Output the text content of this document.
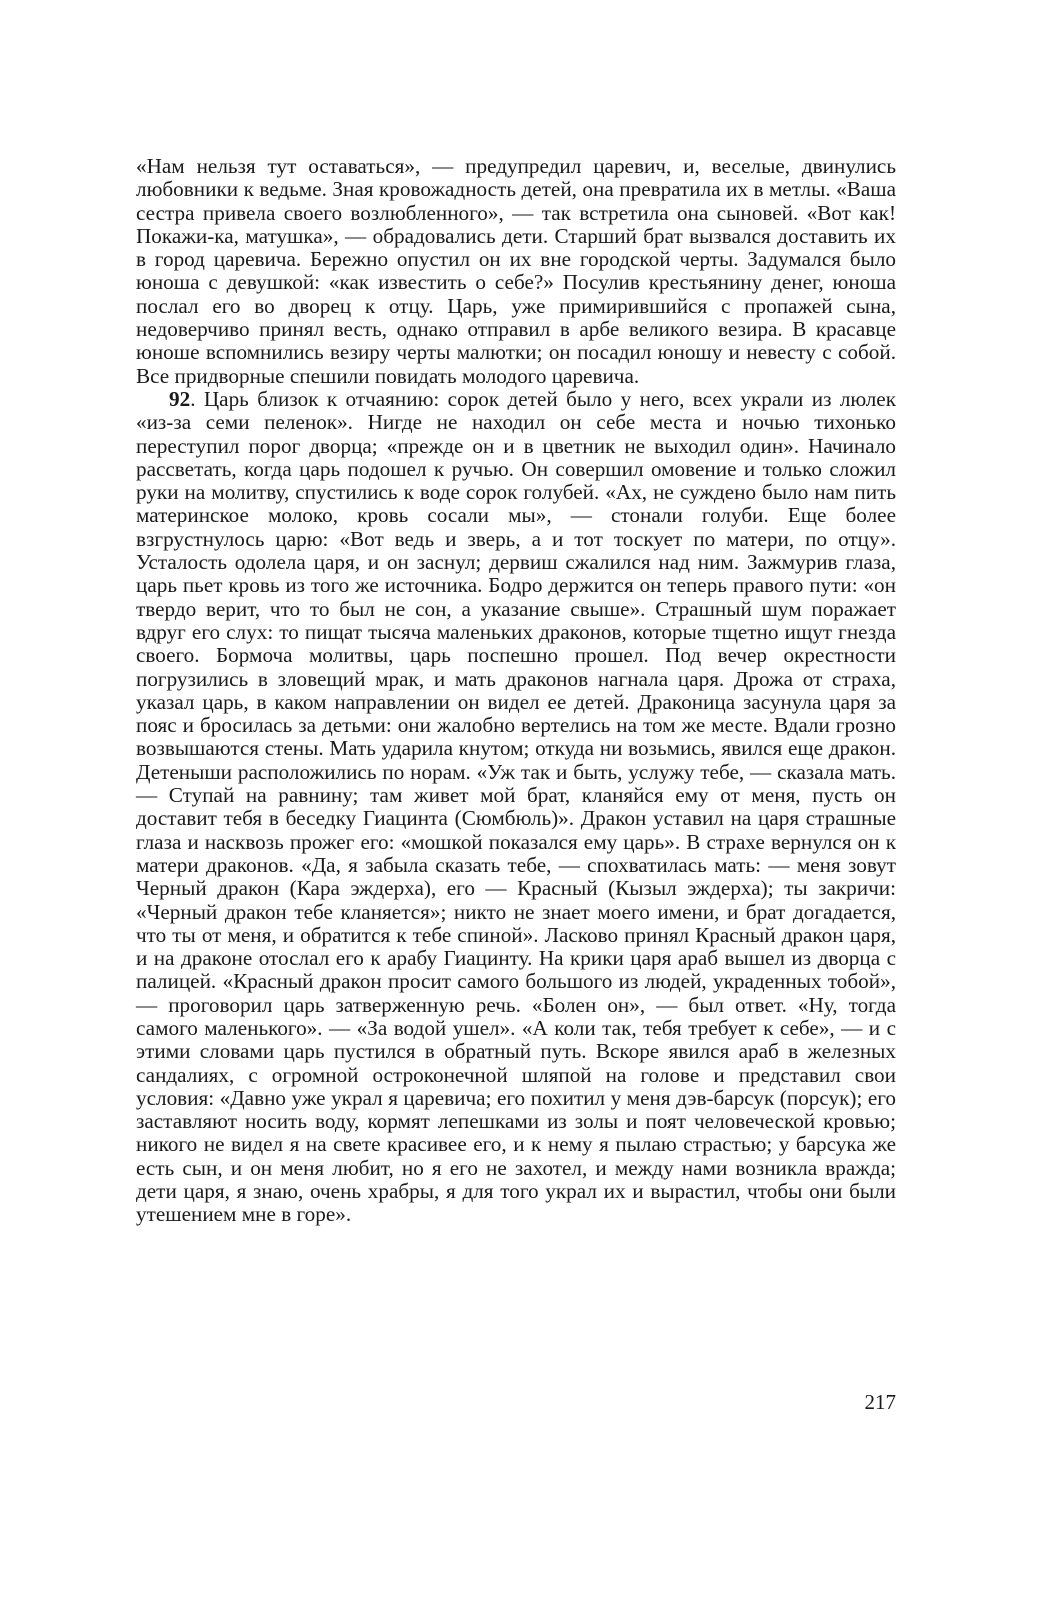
«Нам нельзя тут оставаться», — предупредил царевич, и, веселые, двинулись любовники к ведьме. Зная кровожадность детей, она превратила их в метлы. «Ваша сестра привела своего возлюбленного», — так встретила она сыновей. «Вот как! Покажи-ка, матушка», — обрадовались дети. Старший брат вызвался доставить их в город царевича. Бережно опустил он их вне городской черты. Задумался было юноша с девушкой: «как известить о себе?» Посулив крестьянину денег, юноша послал его во дворец к отцу. Царь, уже примирившийся с пропажей сына, недоверчиво принял весть, однако отправил в арбе великого везира. В красавце юноше вспомнились везиру черты малютки; он посадил юношу и невесту с собой. Все придворные спешили повидать молодого царевича.

92. Царь близок к отчаянию: сорок детей было у него, всех украли из люлек «из-за семи пеленок». Нигде не находил он себе места и ночью тихонько переступил порог дворца; «прежде он и в цветник не выходил один». Начинало рассветать, когда царь подошел к ручью. Он совершил омовение и только сложил руки на молитву, спустились к воде сорок голубей. «Ах, не суждено было нам пить материнское молоко, кровь сосали мы», — стонали голуби. Еще более взгрустнулось царю: «Вот ведь и зверь, а и тот тоскует по матери, по отцу». Усталость одолела царя, и он заснул; дервиш сжалился над ним. Зажмурив глаза, царь пьет кровь из того же источника. Бодро держится он теперь правого пути: «он твердо верит, что то был не сон, а указание свыше». Страшный шум поражает вдруг его слух: то пищат тысяча маленьких драконов, которые тщетно ищут гнезда своего. Бормоча молитвы, царь поспешно прошел. Под вечер окрестности погрузились в зловещий мрак, и мать драконов нагнала царя. Дрожа от страха, указал царь, в каком направлении он видел ее детей. Драконица засунула царя за пояс и бросилась за детьми: они жалобно вертелись на том же месте. Вдали грозно возвышаются стены. Мать ударила кнутом; откуда ни возьмись, явился еще дракон. Детеныши расположились по норам. «Уж так и быть, услужу тебе, — сказала мать. — Ступай на равнину; там живет мой брат, кланяйся ему от меня, пусть он доставит тебя в беседку Гиацинта (Сюмбюль)». Дракон уставил на царя страшные глаза и насквозь прожег его: «мошкой показался ему царь». В страхе вернулся он к матери драконов. «Да, я забыла сказать тебе, — спохватилась мать: — меня зовут Черный дракон (Кара эждерха), его — Красный (Кызыл эждерха); ты закричи: «Черный дракон тебе кланяется»; никто не знает моего имени, и брат догадается, что ты от меня, и обратится к тебе спиной». Ласково принял Красный дракон царя, и на драконе отослал его к арабу Гиацинту. На крики царя араб вышел из дворца с палицей. «Красный дракон просит самого большого из людей, украденных тобой», — проговорил царь затверженную речь. «Болен он», — был ответ. «Ну, тогда самого маленького». — «За водой ушел». «А коли так, тебя требует к себе», — и с этими словами царь пустился в обратный путь. Вскоре явился араб в железных сандалиях, с огромной остроконечной шляпой на голове и представил свои условия: «Давно уже украл я царевича; его похитил у меня дэв-барсук (порсук); его заставляют носить воду, кормят лепешками из золы и поят человеческой кровью; никого не видел я на свете красивее его, и к нему я пылаю страстью; у барсука же есть сын, и он меня любит, но я его не захотел, и между нами возникла вражда; дети царя, я знаю, очень храбры, я для того украл их и вырастил, чтобы они были утешением мне в горе».

217
